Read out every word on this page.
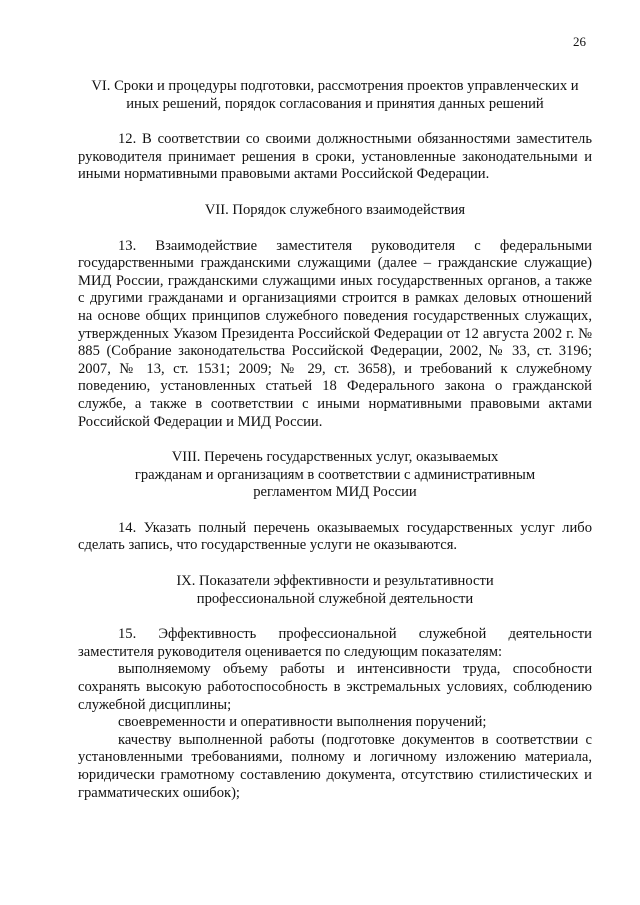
26

VI. Сроки и процедуры подготовки, рассмотрения проектов управленческих и
иных решений, порядок согласования и принятия данных решений

12. В соответствии со своими должностными обязанностями заместитель руководителя принимает решения в сроки, установленные законодательными и иными нормативными правовыми актами Российской Федерации.

VII. Порядок служебного взаимодействия

13. Взаимодействие заместителя руководителя с федеральными государственными гражданскими служащими (далее – гражданские служащие) МИД России, гражданскими служащими иных государственных органов, а также с другими гражданами и организациями строится в рамках деловых отношений на основе общих принципов служебного поведения государственных служащих, утвержденных Указом Президента Российской Федерации от 12 августа 2002 г. № 885 (Собрание законодательства Российской Федерации, 2002, № 33, ст. 3196; 2007, № 13, ст. 1531; 2009; № 29, ст. 3658), и требований к служебному поведению, установленных статьей 18 Федерального закона о гражданской службе, а также в соответствии с иными нормативными правовыми актами Российской Федерации и МИД России.

VIII. Перечень государственных услуг, оказываемых
гражданам и организациям в соответствии с административным
регламентом МИД России

14. Указать полный перечень оказываемых государственных услуг либо сделать запись, что государственные услуги не оказываются.

IX. Показатели эффективности и результативности
профессиональной служебной деятельности

15. Эффективность профессиональной служебной деятельности заместителя руководителя оценивается по следующим показателям:

выполняемому объему работы и интенсивности труда, способности сохранять высокую работоспособность в экстремальных условиях, соблюдению служебной дисциплины;

своевременности и оперативности выполнения поручений;

качеству выполненной работы (подготовке документов в соответствии с установленными требованиями, полному и логичному изложению материала, юридически грамотному составлению документа, отсутствию стилистических и грамматических ошибок);
